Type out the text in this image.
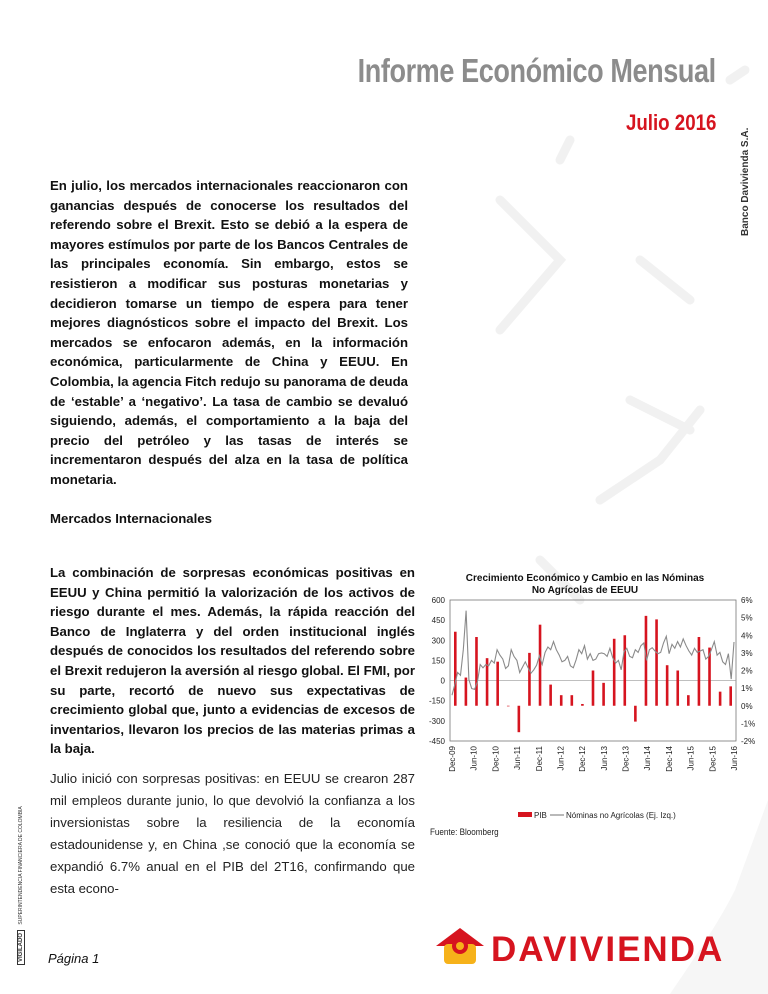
Informe Económico Mensual
Julio 2016
Banco Davivienda S.A.

En julio, los mercados internacionales reaccionaron con ganancias después de conocerse los resultados del referendo sobre el Brexit. Esto se debió a la espera de mayores estímulos por parte de los Bancos Centrales de las principales economía. Sin embargo, estos se resistieron a modificar sus posturas monetarias y decidieron tomarse un tiempo de espera para tener mejores diagnósticos sobre el impacto del Brexit. Los mercados se enfocaron además, en la información económica, particularmente de China y EEUU. En Colombia, la agencia Fitch redujo su panorama de deuda de ‘estable’ a ‘negativo’. La tasa de cambio se devaluó siguiendo, además, el comportamiento a la baja del precio del petróleo y las tasas de interés se incrementaron después del alza en la tasa de política monetaria.

Mercados Internacionales

La combinación de sorpresas económicas positivas en EEUU y China permitió la valorización de los activos de riesgo durante el mes. Además, la rápida reacción del Banco de Inglaterra y del orden institucional inglés después de conocidos los resultados del referendo sobre el Brexit redujeron la aversión al riesgo global. El FMI, por su parte, recortó de nuevo sus expectativas de crecimiento global que, junto a evidencias de excesos de inventarios, llevaron los precios de las materias primas a la baja.

Julio inició con sorpresas positivas: en EEUU se crearon 287 mil empleos durante junio, lo que devolvió la confianza a los inversionistas sobre la resiliencia de la economía estadounidense y, en China ,se conoció que la economía se expandió 6.7% anual en el PIB del 2T16, confirmando que esta econo-

Crecimiento Económico y Cambio en las Nóminas No Agrícolas de EEUU
600
450
300
150
0
-150
-300
-450
6%
5%
4%
3%
2%
1%
0%
-1%
-2%
Dec-09 Jun-10 Dec-10 Jun-11 Dec-11 Jun-12 Dec-12 Jun-13 Dec-13 Jun-14 Dec-14 Jun-15 Dec-15 Jun-16
PIB Nóminas no Agrícolas (Ej. Izq.)
Fuente: Bloomberg
VIGILADO SUPERINTENDENCIA FINANCIERA DE COLOMBIA
Página 1	DAVIVIENDA
